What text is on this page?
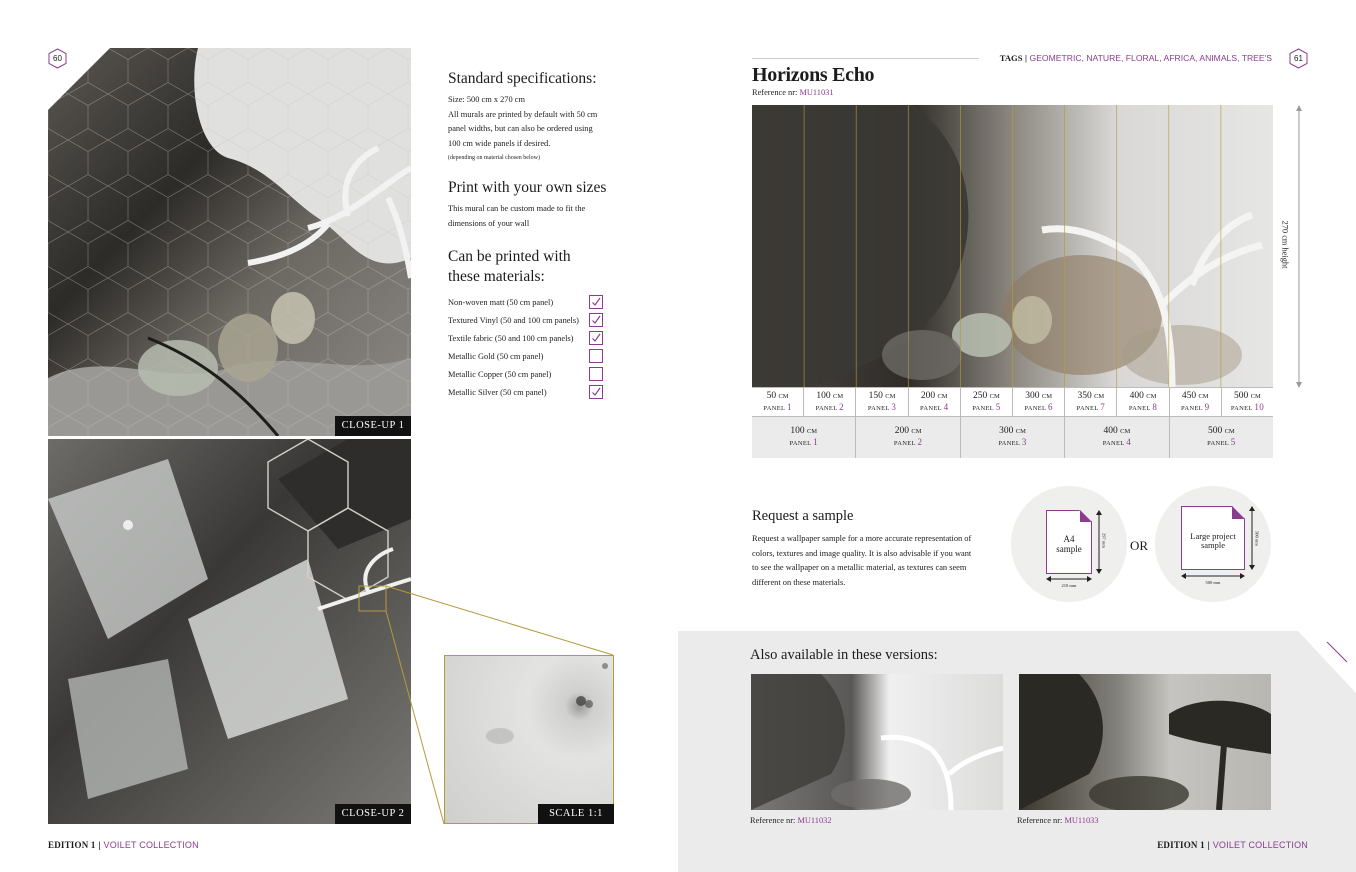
60
CLOSE-UP 1
CLOSE-UP 2	SCALE 1:1
Standard specifications:
Size: 500 cm x 270 cm
All murals are printed by default with 50 cm
panel widths, but can also be ordered using
100 cm wide panels if desired.
(depending on material chosen below)
Print with your own sizes
This mural can be custom made to fit the
dimensions of your wall
Can be printed with
these materials:
Non-woven matt (50 cm panel)
Textured Vinyl (50 and 100 cm panels)
Textile fabric (50 and 100 cm panels)
Metallic Gold (50 cm panel)
Metallic Copper (50 cm panel)
Metallic Silver (50 cm panel)
EDITION 1 | VOILET COLLECTION
TAGS | GEOMETRIC, NATURE, FLORAL, AFRICA, ANIMALS, TREE'S	61
Horizons Echo
Reference nr: MU11031
270 cm height
50 CM
PANEL 1
100 CM
PANEL 2
150 CM
PANEL 3
200 CM
PANEL 4
250 CM
PANEL 5
300 CM
PANEL 6
350 CM
PANEL 7
400 CM
PANEL 8
450 CM
PANEL 9
500 CM
PANEL 10
100 CM
PANEL 1
200 CM
PANEL 2
300 CM
PANEL 3
400 CM
PANEL 4
500 CM
PANEL 5
Request a sample
Request a wallpaper sample for a more accurate representation of
colors, textures and image quality. It is also advisable if you want
to see the wallpaper on a metallic material, as textures can seem
different on these materials.
A4
sample
297 mm
210 mm
OR
Large project
sample	500 mm
500 mm
Also available in these versions:
Reference nr: MU11032	Reference nr: MU11033
EDITION 1 | VOILET COLLECTION
